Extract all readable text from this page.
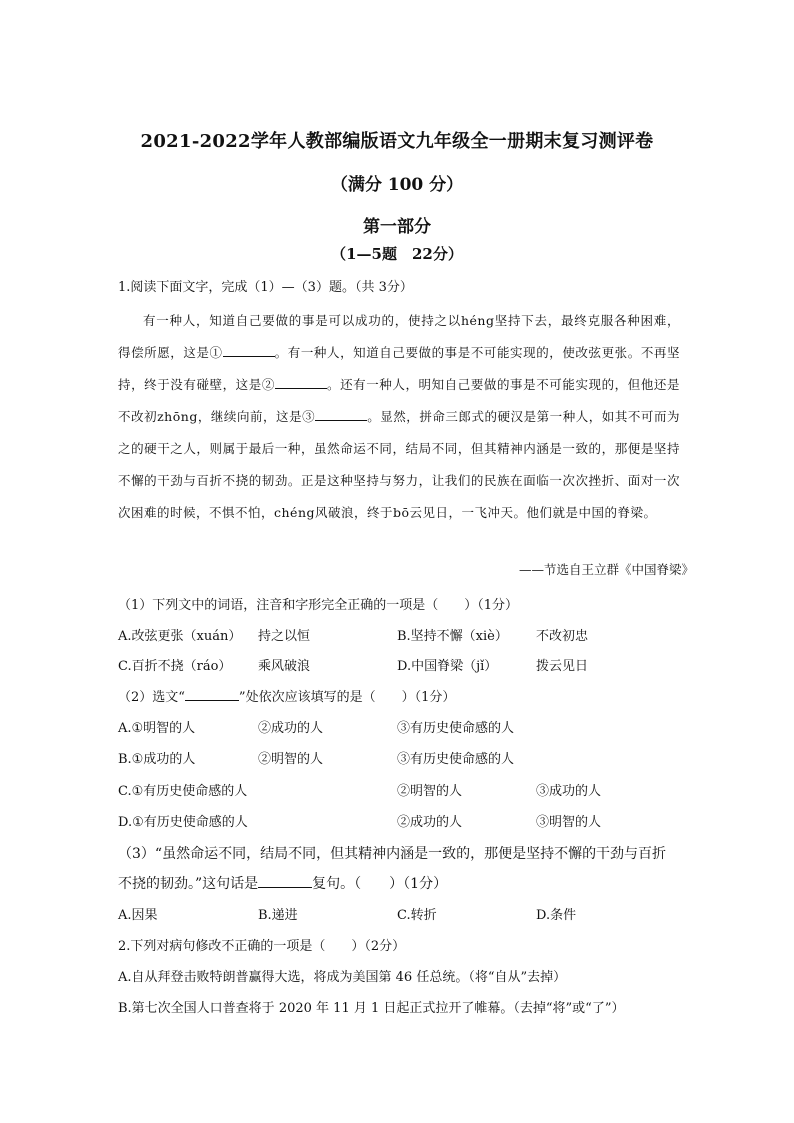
2021-2022学年人教部编版语文九年级全一册期末复习测评卷
（满分 100 分）
第一部分
（1—5题　22分）
1.阅读下面文字，完成（1）—（3）题。（共 3分）
有一种人，知道自己要做的事是可以成功的，使持之以héng坚持下去，最终克服各种困难，得偿所愿，这是①	。有一种人，知道自己要做的事是不可能实现的，使改弦更张。不再坚持，终于没有碰壁，这是②	。还有一种人，明知自己要做的事是不可能实现的，但他还是不改初zhōng，继续向前，这是③	。显然，拼命三郎式的硬汉是第一种人，如其不可而为之的硬干之人，则属于最后一种，虽然命运不同，结局不同，但其精神内涵是一致的，那便是坚持不懈的干劲与百折不挠的韧劲。正是这种坚持与努力，让我们的民族在面临一次次挫折、面对一次次困难的时候，不惧不怕，chéng风破浪，终于bō云见日，一飞冲天。他们就是中国的脊梁。
——节选自王立群《中国脊梁》
（1）下列文中的词语，注音和字形完全正确的一项是（　　）（1分）
A.改弦更张（xuán） 持之以恒	B.坚持不懈（xiè） 不改初忠
C.百折不挠（ráo） 乘风破浪	D.中国脊梁（jǐ）	拨云见日
（2）选文“	”处依次应该填写的是（　　）（1分）
A.①明智的人	②成功的人	③有历史使命感的人
B.①成功的人	②明智的人	③有历史使命感的人
C.①有历史使命感的人	②明智的人	③成功的人
D.①有历史使命感的人	②成功的人	③明智的人
（3）“虽然命运不同，结局不同，但其精神内涵是一致的，那便是坚持不懈的干劲与百折
不挠的韧劲。”这句话是	复句。（　　）（1分）
A.因果	B.递进	C.转折	D.条件
2.下列对病句修改不正确的一项是（　　）（2分）
A.自从拜登击败特朗普赢得大选，将成为美国第 46 任总统。（将“自从”去掉）
B.第七次全国人口普查将于 2020 年 11 月 1 日起正式拉开了帷幕。（去掉“将”或“了”）
